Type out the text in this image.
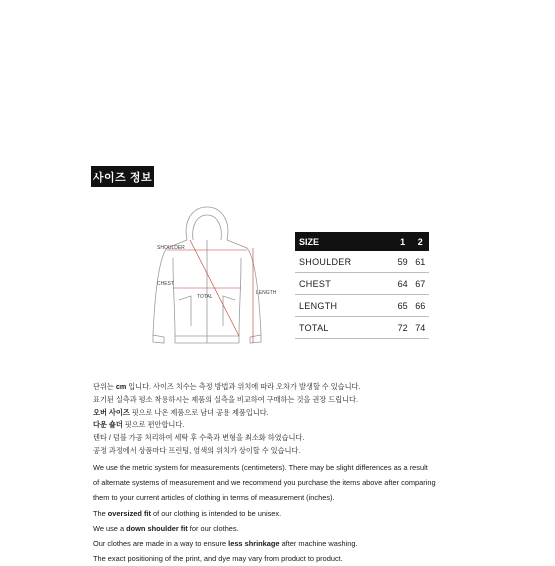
사이즈 정보
SHOULDER
CHEST
TOTAL
LENGTH
SIZE	1	2
SHOULDER	59	61
CHEST	64	67
LENGTH	65	66
TOTAL	72	74

단위는 cm 입니다. 사이즈 치수는 측정 방법과 위치에 따라 오차가 발생할 수 있습니다.

표기된 실측과 평소 착용하시는 제품의 실측을 비교하여 구매하는 것을 권장 드립니다.

오버 사이즈 핏으로 나온 제품으로 남녀 공용 제품입니다.

다운 숄더 핏으로 편안합니다.

텐타 / 덤블 가공 처리하여 세탁 후 수축과 변형을 최소화 하였습니다.

공정 과정에서 상품마다 프린팅, 염색의 위치가 상이할 수 있습니다.

We use the metric system for measurements (centimeters). There may be slight differences as a result

of alternate systems of measurement and we recommend you purchase the items above after comparing

them to your current articles of clothing in terms of measurement (inches).

The oversized fit of our clothing is intended to be unisex.

We use a down shoulder fit for our clothes.

Our clothes are made in a way to ensure less shrinkage after machine washing.

The exact positioning of the print, and dye may vary from product to product.
